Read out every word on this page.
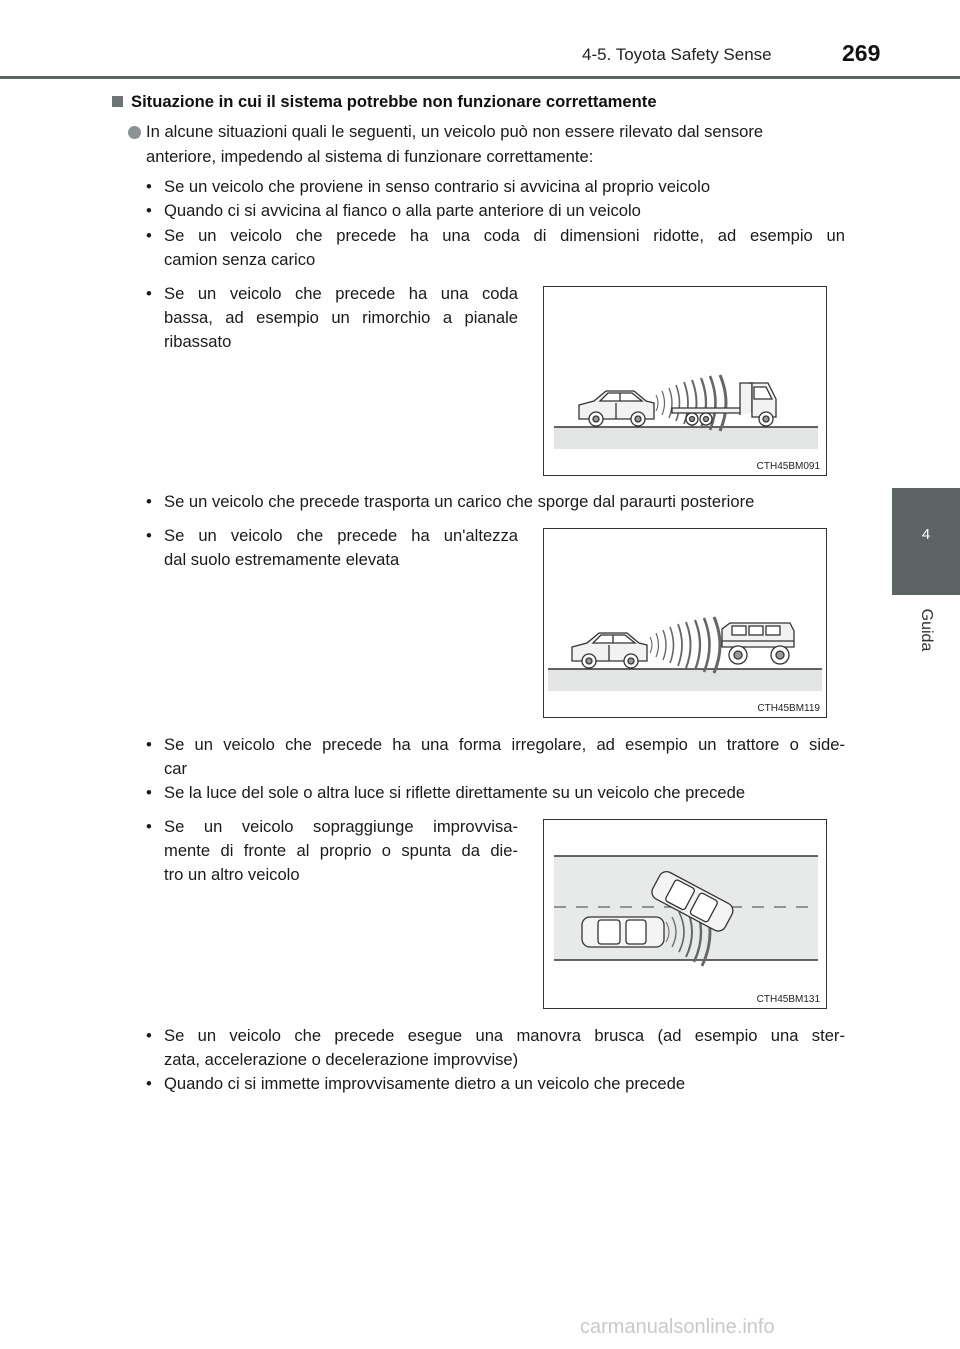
4-5. Toyota Safety Sense	269
4
Guida
Situazione in cui il sistema potrebbe non funzionare correttamente
In alcune situazioni quali le seguenti, un veicolo può non essere rilevato dal sensore
anteriore, impedendo al sistema di funzionare correttamente:
• Se un veicolo che proviene in senso contrario si avvicina al proprio veicolo
• Quando ci si avvicina al fianco o alla parte anteriore di un veicolo
• Se un veicolo che precede ha una coda di dimensioni ridotte, ad esempio un
camion senza carico
• Se un veicolo che precede ha una coda
bassa, ad esempio un rimorchio a pianale
ribassato
CTH45BM091
• Se un veicolo che precede trasporta un carico che sporge dal paraurti posteriore
• Se un veicolo che precede ha un'altezza
dal suolo estremamente elevata
CTH45BM119
• Se un veicolo che precede ha una forma irregolare, ad esempio un trattore o side-
car
• Se la luce del sole o altra luce si riflette direttamente su un veicolo che precede
• Se un veicolo sopraggiunge improvvisa-
mente di fronte al proprio o spunta da die-
tro un altro veicolo
CTH45BM131
• Se un veicolo che precede esegue una manovra brusca (ad esempio una ster-
zata, accelerazione o decelerazione improvvise)
• Quando ci si immette improvvisamente dietro a un veicolo che precede
carmanualsonline.info
